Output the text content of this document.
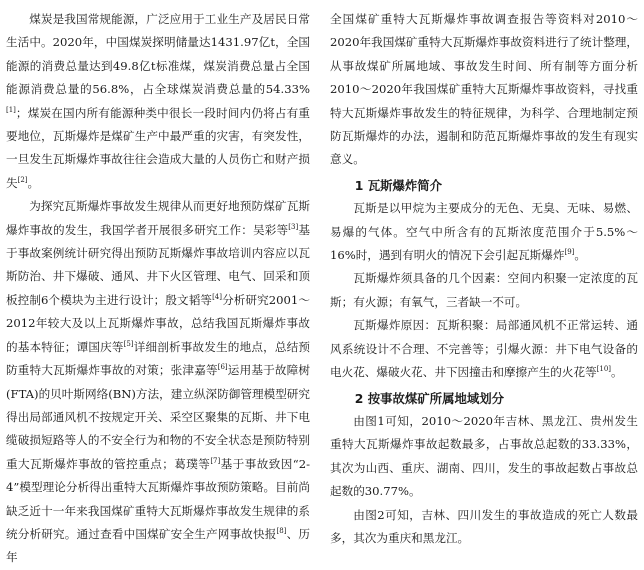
煤炭是我国常规能源，广泛应用于工业生产及居民日常生活中。2020年，中国煤炭探明储量达1431.97亿t，全国能源的消费总量达到49.8亿t标准煤，煤炭消费总量占全国能源消费总量的56.8%，占全球煤炭消费总量的54.33%[1]；煤炭在国内所有能源种类中很长一段时间内仍将占有重要地位，瓦斯爆炸是煤矿生产中最严重的灾害，有突发性，一旦发生瓦斯爆炸事故往往会造成大量的人员伤亡和财产损失[2]。

为探究瓦斯爆炸事故发生规律从而更好地预防煤矿瓦斯爆炸事故的发生，我国学者开展很多研究工作：吴彩等[3]基于事故案例统计研究得出预防瓦斯爆炸事故培训内容应以瓦斯防治、井下爆破、通风、井下火区管理、电气、回采和顶板控制6个模块为主进行设计；殷文韬等[4]分析研究2001～2012年较大及以上瓦斯爆炸事故，总结我国瓦斯爆炸事故的基本特征；谭国庆等[5]详细剖析事故发生的地点，总结预防重特大瓦斯爆炸事故的对策；张津嘉等[6]运用基于故障树(FTA)的贝叶斯网络(BN)方法，建立纵深防御管理模型研究得出局部通风机不按规定开关、采空区聚集的瓦斯、井下电缆破损短路等人的不安全行为和物的不安全状态是预防特别重大瓦斯爆炸事故的管控重点；葛璞等[7]基于事故致因“2-4”模型理论分析得出重特大瓦斯爆炸事故预防策略。目前尚缺乏近十一年来我国煤矿重特大瓦斯爆炸事故发生规律的系统分析研究。通过查看中国煤矿安全生产网事故快报[8]、历年

全国煤矿重特大瓦斯爆炸事故调查报告等资料对2010～2020年我国煤矿重特大瓦斯爆炸事故资料进行了统计整理，从事故煤矿所属地域、事故发生时间、所有制等方面分析2010～2020年我国煤矿重特大瓦斯爆炸事故资料，寻找重特大瓦斯爆炸事故发生的特征规律，为科学、合理地制定预防瓦斯爆炸的办法，遏制和防范瓦斯爆炸事故的发生有现实意义。

1 瓦斯爆炸简介

瓦斯是以甲烷为主要成分的无色、无臭、无味、易燃、易爆的气体。空气中所含有的瓦斯浓度范围介于5.5%～16%时，遇到有明火的情况下会引起瓦斯爆炸[9]。

瓦斯爆炸须具备的几个因素：空间内积聚一定浓度的瓦斯；有火源；有氧气，三者缺一不可。

瓦斯爆炸原因：瓦斯积聚：局部通风机不正常运转、通风系统设计不合理、不完善等；引爆火源：井下电气设备的电火花、爆破火花、井下因撞击和摩擦产生的火花等[10]。

2 按事故煤矿所属地域划分

由图1可知，2010～2020年吉林、黑龙江、贵州发生重特大瓦斯爆炸事故起数最多，占事故总起数的33.33%，其次为山西、重庆、湖南、四川，发生的事故起数占事故总起数的30.77%。

由图2可知，吉林、四川发生的事故造成的死亡人数最多，其次为重庆和黑龙江。
